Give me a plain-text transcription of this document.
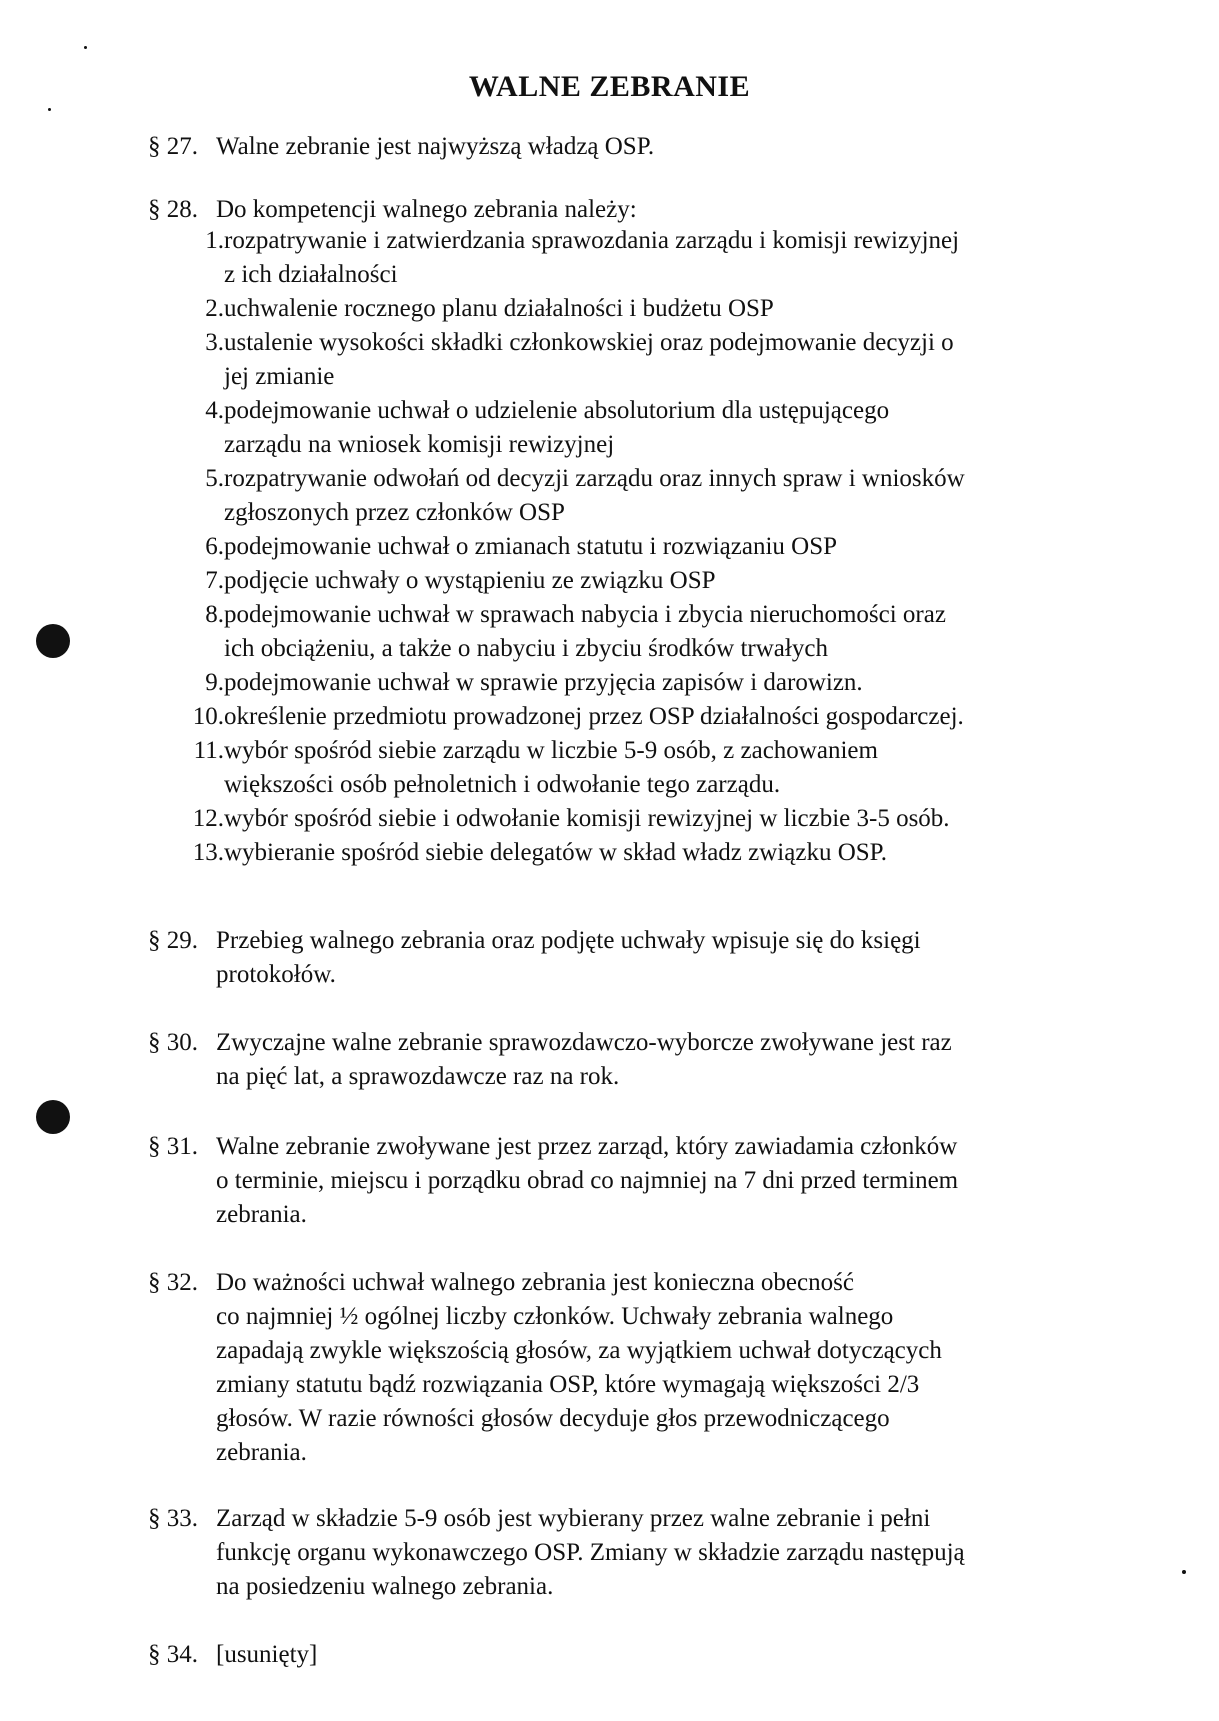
WALNE ZEBRANIE
§ 27. Walne zebranie jest najwyższą władzą OSP.
§ 28. Do kompetencji walnego zebrania należy:
1. rozpatrywanie i zatwierdzania sprawozdania zarządu i komisji rewizyjnej
z ich działalności
2. uchwalenie rocznego planu działalności i budżetu OSP
3. ustalenie wysokości składki członkowskiej oraz podejmowanie decyzji o
jej zmianie
4. podejmowanie uchwał o udzielenie absolutorium dla ustępującego
zarządu na wniosek komisji rewizyjnej
5. rozpatrywanie odwołań od decyzji zarządu oraz innych spraw i wniosków
zgłoszonych przez członków OSP
6. podejmowanie uchwał o zmianach statutu i rozwiązaniu OSP
7. podjęcie uchwały o wystąpieniu ze związku OSP
8. podejmowanie uchwał w sprawach nabycia i zbycia nieruchomości oraz
ich obciążeniu, a także o nabyciu i zbyciu środków trwałych
9. podejmowanie uchwał w sprawie przyjęcia zapisów i darowizn.
10. określenie przedmiotu prowadzonej przez OSP działalności gospodarczej.
11. wybór spośród siebie zarządu w liczbie 5-9 osób, z zachowaniem
większości osób pełnoletnich i odwołanie tego zarządu.
12. wybór spośród siebie i odwołanie komisji rewizyjnej w liczbie 3-5 osób.
13. wybieranie spośród siebie delegatów w skład władz związku OSP.
§ 29. Przebieg walnego zebrania oraz podjęte uchwały wpisuje się do księgi
protokołów.
§ 30. Zwyczajne walne zebranie sprawozdawczo-wyborcze zwoływane jest raz
na pięć lat, a sprawozdawcze raz na rok.
§ 31. Walne zebranie zwoływane jest przez zarząd, który zawiadamia członków
o terminie, miejscu i porządku obrad co najmniej na 7 dni przed terminem
zebrania.
§ 32. Do ważności uchwał walnego zebrania jest konieczna obecność
co najmniej ½ ogólnej liczby członków. Uchwały zebrania walnego
zapadają zwykle większością głosów, za wyjątkiem uchwał dotyczących
zmiany statutu bądź rozwiązania OSP, które wymagają większości 2/3
głosów. W razie równości głosów decyduje głos przewodniczącego
zebrania.
§ 33. Zarząd w składzie 5-9 osób jest wybierany przez walne zebranie i pełni
funkcję organu wykonawczego OSP. Zmiany w składzie zarządu następują
na posiedzeniu walnego zebrania.
§ 34. [usunięty]
